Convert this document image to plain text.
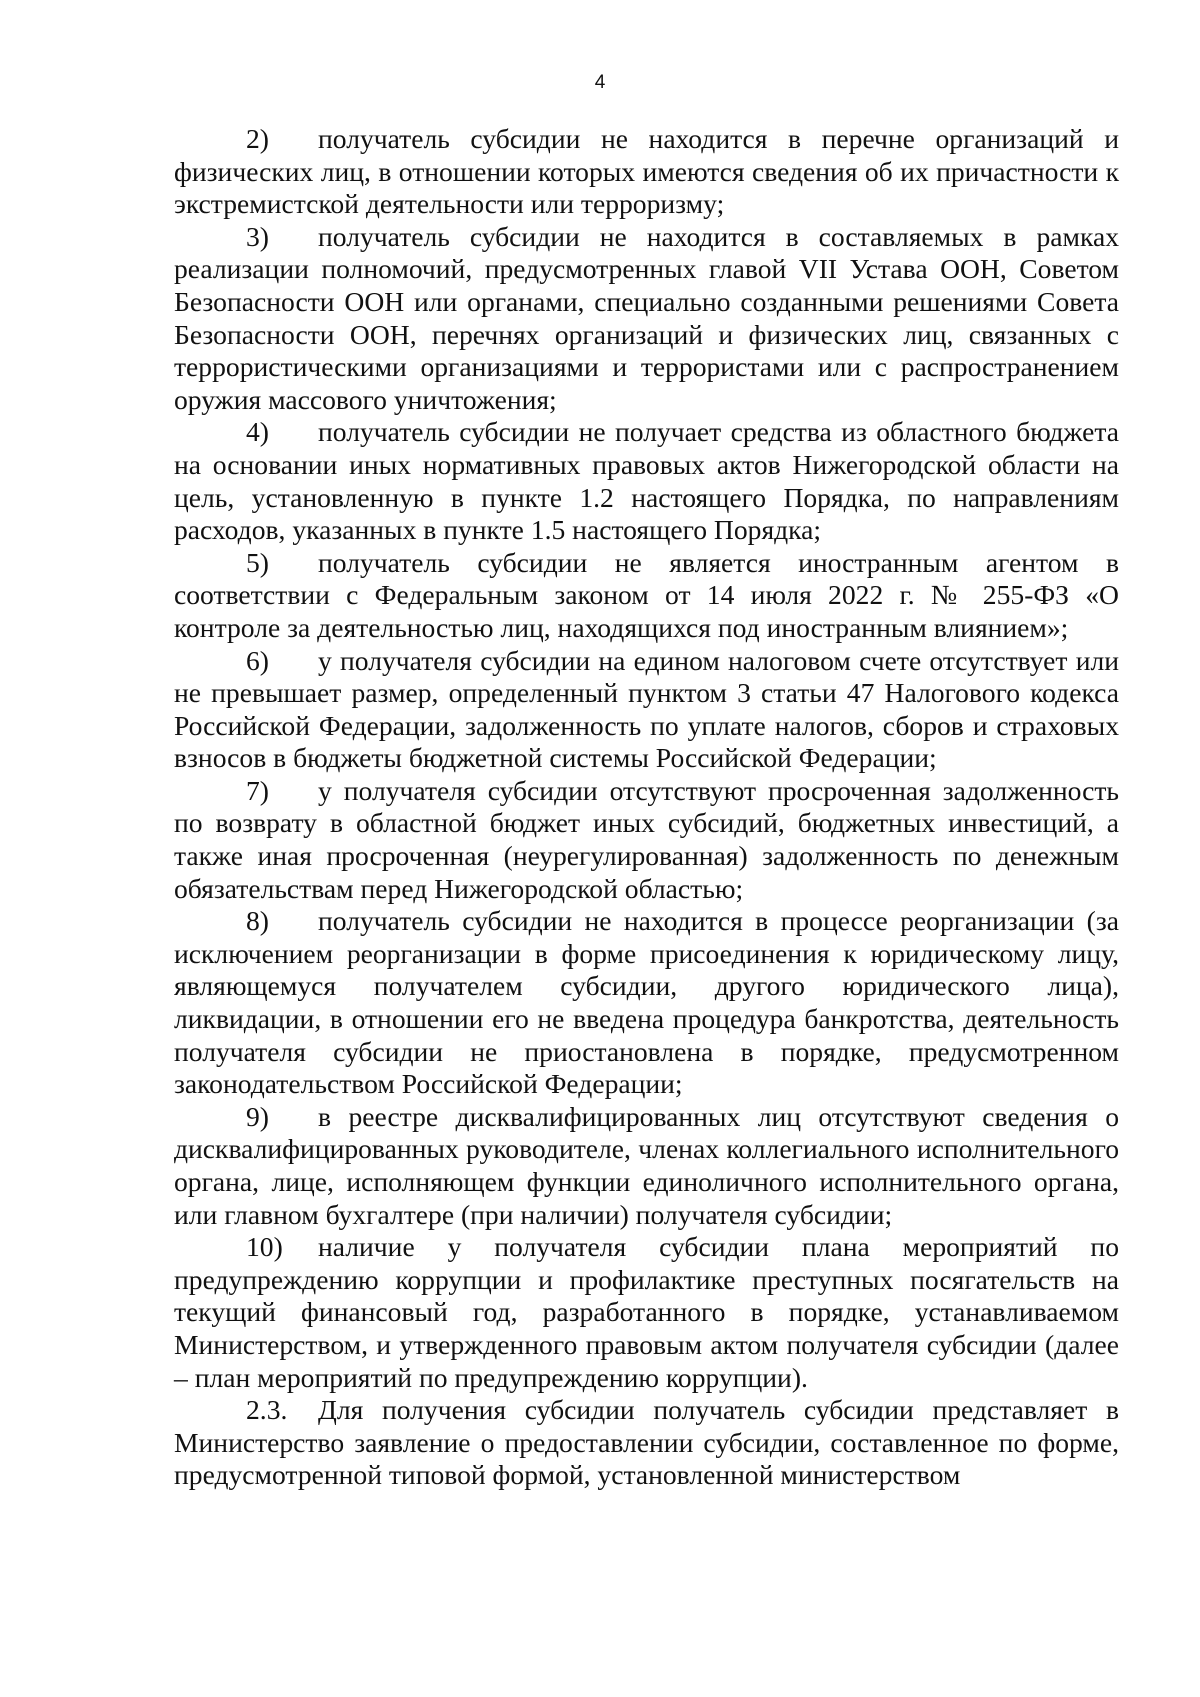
4

2) получатель субсидии не находится в перечне организаций и физических лиц, в отношении которых имеются сведения об их причастности к экстремистской деятельности или терроризму;

3) получатель субсидии не находится в составляемых в рамках реализации полномочий, предусмотренных главой VII Устава ООН, Советом Безопасности ООН или органами, специально созданными решениями Совета Безопасности ООН, перечнях организаций и физических лиц, связанных с террористическими организациями и террористами или с распространением оружия массового уничтожения;

4) получатель субсидии не получает средства из областного бюджета на основании иных нормативных правовых актов Нижегородской области на цель, установленную в пункте 1.2 настоящего Порядка, по направлениям расходов, указанных в пункте 1.5 настоящего Порядка;

5) получатель субсидии не является иностранным агентом в соответствии с Федеральным законом от 14 июля 2022 г. № 255-ФЗ «О контроле за деятельностью лиц, находящихся под иностранным влиянием»;

6) у получателя субсидии на едином налоговом счете отсутствует или не превышает размер, определенный пунктом 3 статьи 47 Налогового кодекса Российской Федерации, задолженность по уплате налогов, сборов и страховых взносов в бюджеты бюджетной системы Российской Федерации;

7) у получателя субсидии отсутствуют просроченная задолженность по возврату в областной бюджет иных субсидий, бюджетных инвестиций, а также иная просроченная (неурегулированная) задолженность по денежным обязательствам перед Нижегородской областью;

8) получатель субсидии не находится в процессе реорганизации (за исключением реорганизации в форме присоединения к юридическому лицу, являющемуся получателем субсидии, другого юридического лица), ликвидации, в отношении его не введена процедура банкротства, деятельность получателя субсидии не приостановлена в порядке, предусмотренном законодательством Российской Федерации;

9) в реестре дисквалифицированных лиц отсутствуют сведения о дисквалифицированных руководителе, членах коллегиального исполнительного органа, лице, исполняющем функции единоличного исполнительного органа, или главном бухгалтере (при наличии) получателя субсидии;

10) наличие у получателя субсидии плана мероприятий по предупреждению коррупции и профилактике преступных посягательств на текущий финансовый год, разработанного в порядке, устанавливаемом Министерством, и утвержденного правовым актом получателя субсидии (далее – план мероприятий по предупреждению коррупции).

2.3. Для получения субсидии получатель субсидии представляет в Министерство заявление о предоставлении субсидии, составленное по форме, предусмотренной типовой формой, установленной министерством
